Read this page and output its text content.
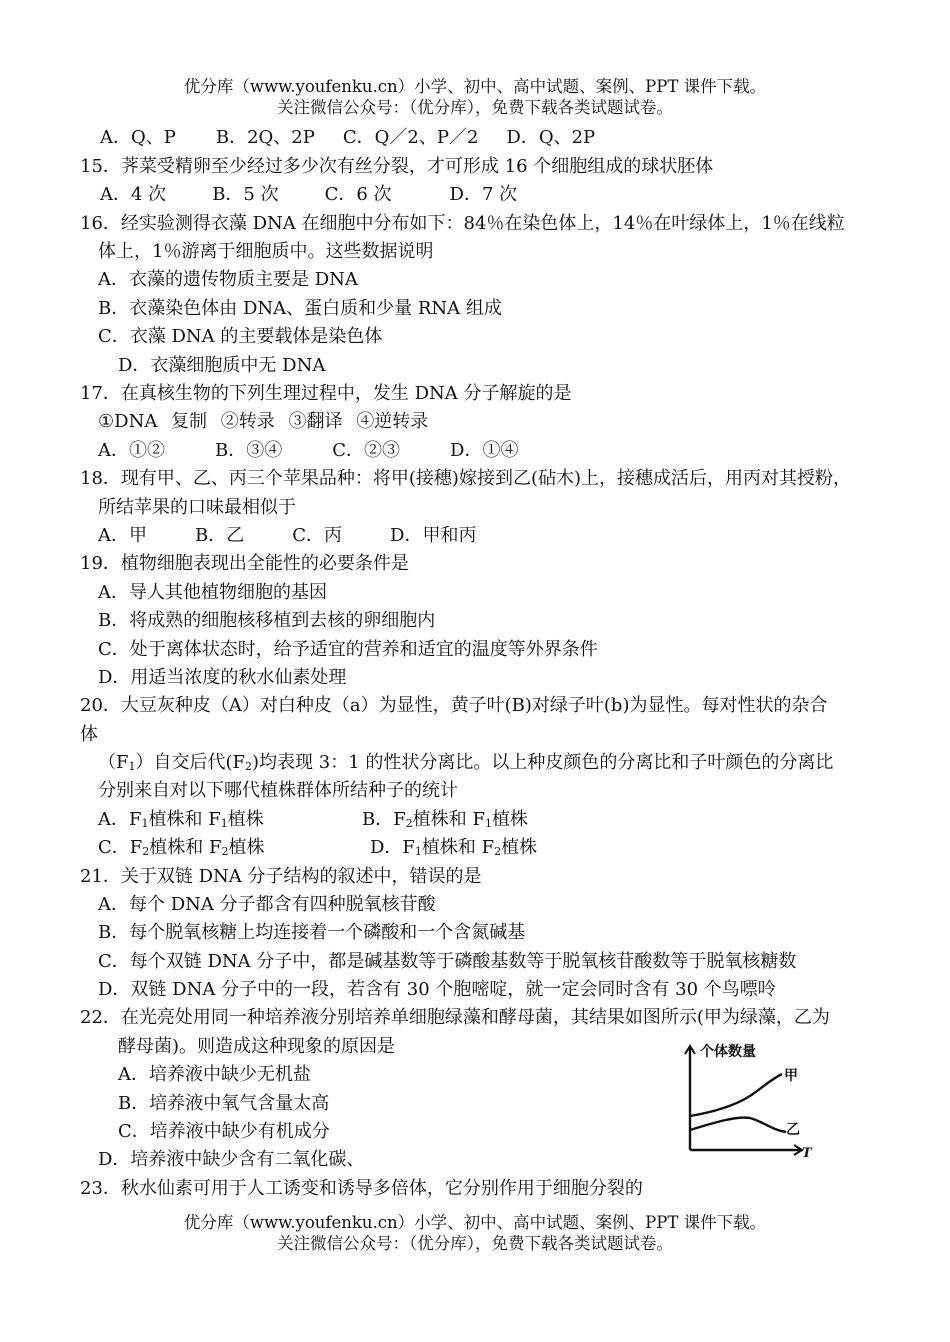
优分库（www.youfenku.cn）小学、初中、高中试题、案例、PPT 课件下载。
关注微信公众号：（优分库），免费下载各类试题试卷。
A．Q、P B．2Q、2P C．Q／2、P／2 D．Q、2P
15．荠菜受精卵至少经过多少次有丝分裂，才可形成 16 个细胞组成的球状胚体
A．4 次	B．5 次	C．6 次	D．7 次
16．经实验测得衣藻 DNA 在细胞中分布如下：84％在染色体上，14％在叶绿体上，1％在线粒
体上，1％游离于细胞质中。这些数据说明
A．衣藻的遗传物质主要是 DNA
B．衣藻染色体由 DNA、蛋白质和少量 RNA 组成
C．衣藻 DNA 的主要载体是染色体
D．衣藻细胞质中无 DNA
17．在真核生物的下列生理过程中，发生 DNA 分子解旋的是
①DNA 复制 ②转录 ③翻译 ④逆转录
A．①②	B．③④	C．②③	D．①④
18．现有甲、乙、丙三个苹果品种：将甲(接穗)嫁接到乙(砧木)上，接穗成活后，用丙对其授粉，
所结苹果的口味最相似于
A．甲	B．乙	C．丙	D．甲和丙
19．植物细胞表现出全能性的必要条件是
A．导人其他植物细胞的基因
B．将成熟的细胞核移植到去核的卵细胞内
C．处于离体状态时，给予适宜的营养和适宜的温度等外界条件
D．用适当浓度的秋水仙素处理
20．大豆灰种皮（A）对白种皮（a）为显性，黄子叶(B)对绿子叶(b)为显性。每对性状的杂合
体
$(F_1)$自交后代$(F_2)$均表现 3：1 的性状分离比。以上种皮颜色的分离比和子叶颜色的分离比
分别来自对以下哪代植株群体所结种子的统计
A．$F_1$植株和 $F_1$植株	B．$F_2$植株和 $F_1$植株
C．$F_2$植株和 $F_2$植株	D．$F_1$植株和 $F_2$植株
21．关于双链 DNA 分子结构的叙述中，错误的是
A．每个 DNA 分子都含有四种脱氧核苷酸
B．每个脱氧核糖上均连接着一个磷酸和一个含氮碱基
C．每个双链 DNA 分子中，都是碱基数等于磷酸基数等于脱氧核苷酸数等于脱氧核糖数
D．双链 DNA 分子中的一段，若含有 30 个胞嘧啶，就一定会同时含有 30 个鸟嘌呤
22．在光亮处用同一种培养液分别培养单细胞绿藻和酵母菌，其结果如图所示(甲为绿藻，乙为
酵母菌)。则造成这种现象的原因是
A．培养液中缺少无机盐
B．培养液中氧气含量太高
C．培养液中缺少有机成分
D．培养液中缺少含有二氧化碳、
个体数量
T
甲
乙
23．秋水仙素可用于人工诱变和诱导多倍体，它分别作用于细胞分裂的
优分库（www.youfenku.cn）小学、初中、高中试题、案例、PPT 课件下载。
关注微信公众号：（优分库），免费下载各类试题试卷。
